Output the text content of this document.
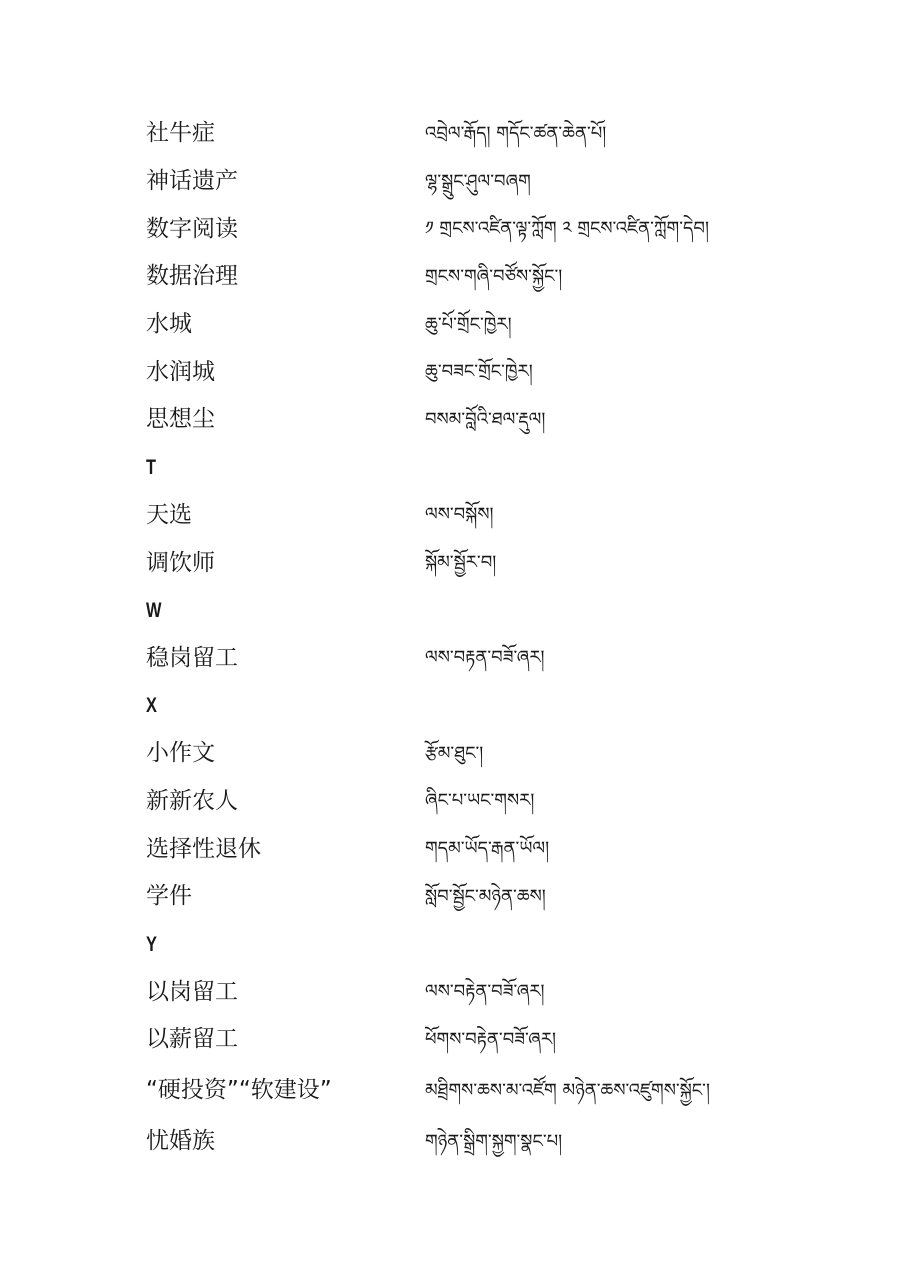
社牛症	འབྲེལ་རྒོད། གདོང་ཚན་ཆེན་པོ།
神话遗产	ལྷ་སྒྲུང་ཤུལ་བཞག
数字阅读	༡ གྲངས་འཛིན་ལྟ་ཀློག ༢ གྲངས་འཛིན་ཀློག་དེབ།
数据治理	གྲངས་གཞི་བཙོས་སྐྱོང་།
水城	ཆུ་པོ་གྲོང་ཁྱེར།
水润城	ཆུ་བཟང་གྲོང་ཁྱེར།
思想尘	བསམ་བློའི་ཐལ་རྡུལ།
T
天选	ལས་བསྐོས།
调饮师	སྐོམ་སྦྱོར་བ།
W
稳岗留工	ལས་བརྟན་བཟོ་ཞར།
X
小作文	རྩོམ་ཐུང་།
新新农人	ཞིང་པ་ཡང་གསར།
选择性退休	གདམ་ཡོད་རྒན་ཡོལ།
学件	སློབ་སྦྱོང་མཉེན་ཆས།
Y
以岗留工	ལས་བརྟེན་བཟོ་ཞར།
以薪留工	ཕོགས་བརྟེན་བཟོ་ཞར།
“硬投资”“软建设”	མཐྲིགས་ཆས་མ་འཛོག མཉེན་ཆས་འཛུགས་སྐྱོང་།
忧婚族	གཉེན་སྒྲིག་སྐྱག་སྣང་པ།
